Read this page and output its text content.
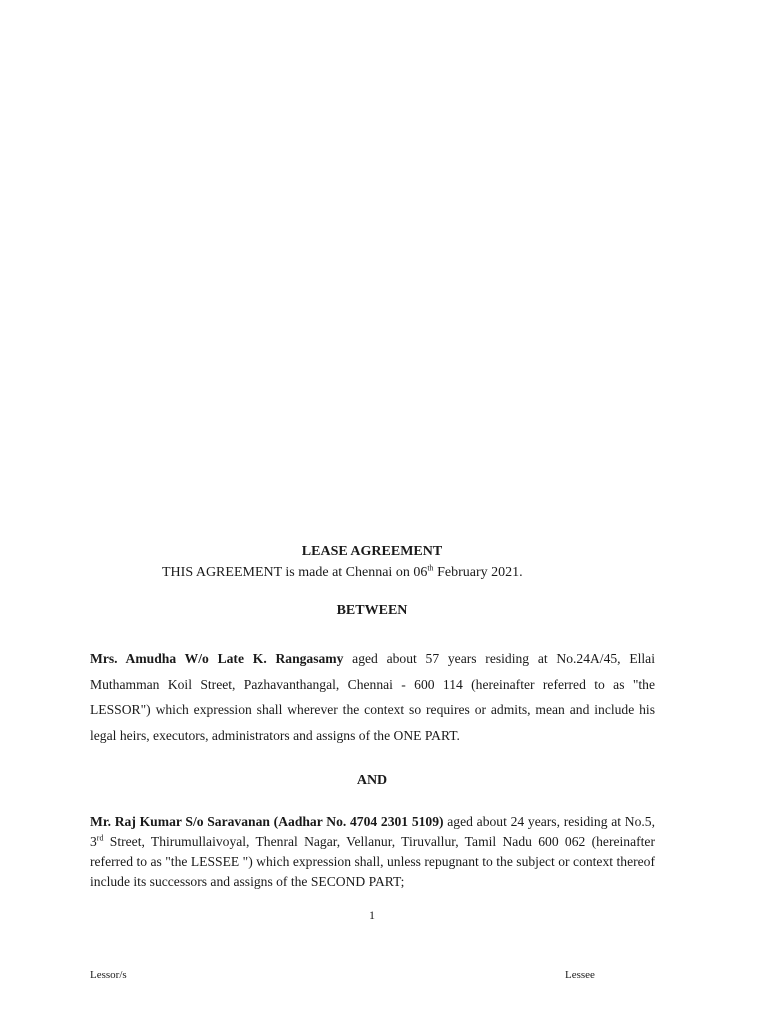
LEASE AGREEMENT
THIS AGREEMENT is made at Chennai on 06th February 2021.
BETWEEN
Mrs. Amudha W/o Late K. Rangasamy aged about 57 years residing at No.24A/45, Ellai Muthamman Koil Street, Pazhavanthangal, Chennai - 600 114 (hereinafter referred to as "the LESSOR") which expression shall wherever the context so requires or admits, mean and include his legal heirs, executors, administrators and assigns of the ONE PART.
AND
Mr. Raj Kumar S/o Saravanan (Aadhar No. 4704 2301 5109) aged about 24 years, residing at No.5, 3rd Street, Thirumullaivoyal, Thenral Nagar, Vellanur, Tiruvallur, Tamil Nadu 600 062 (hereinafter referred to as "the LESSEE ") which expression shall, unless repugnant to the subject or context thereof include its successors and assigns of the SECOND PART;
1
Lessor/s	Lessee
